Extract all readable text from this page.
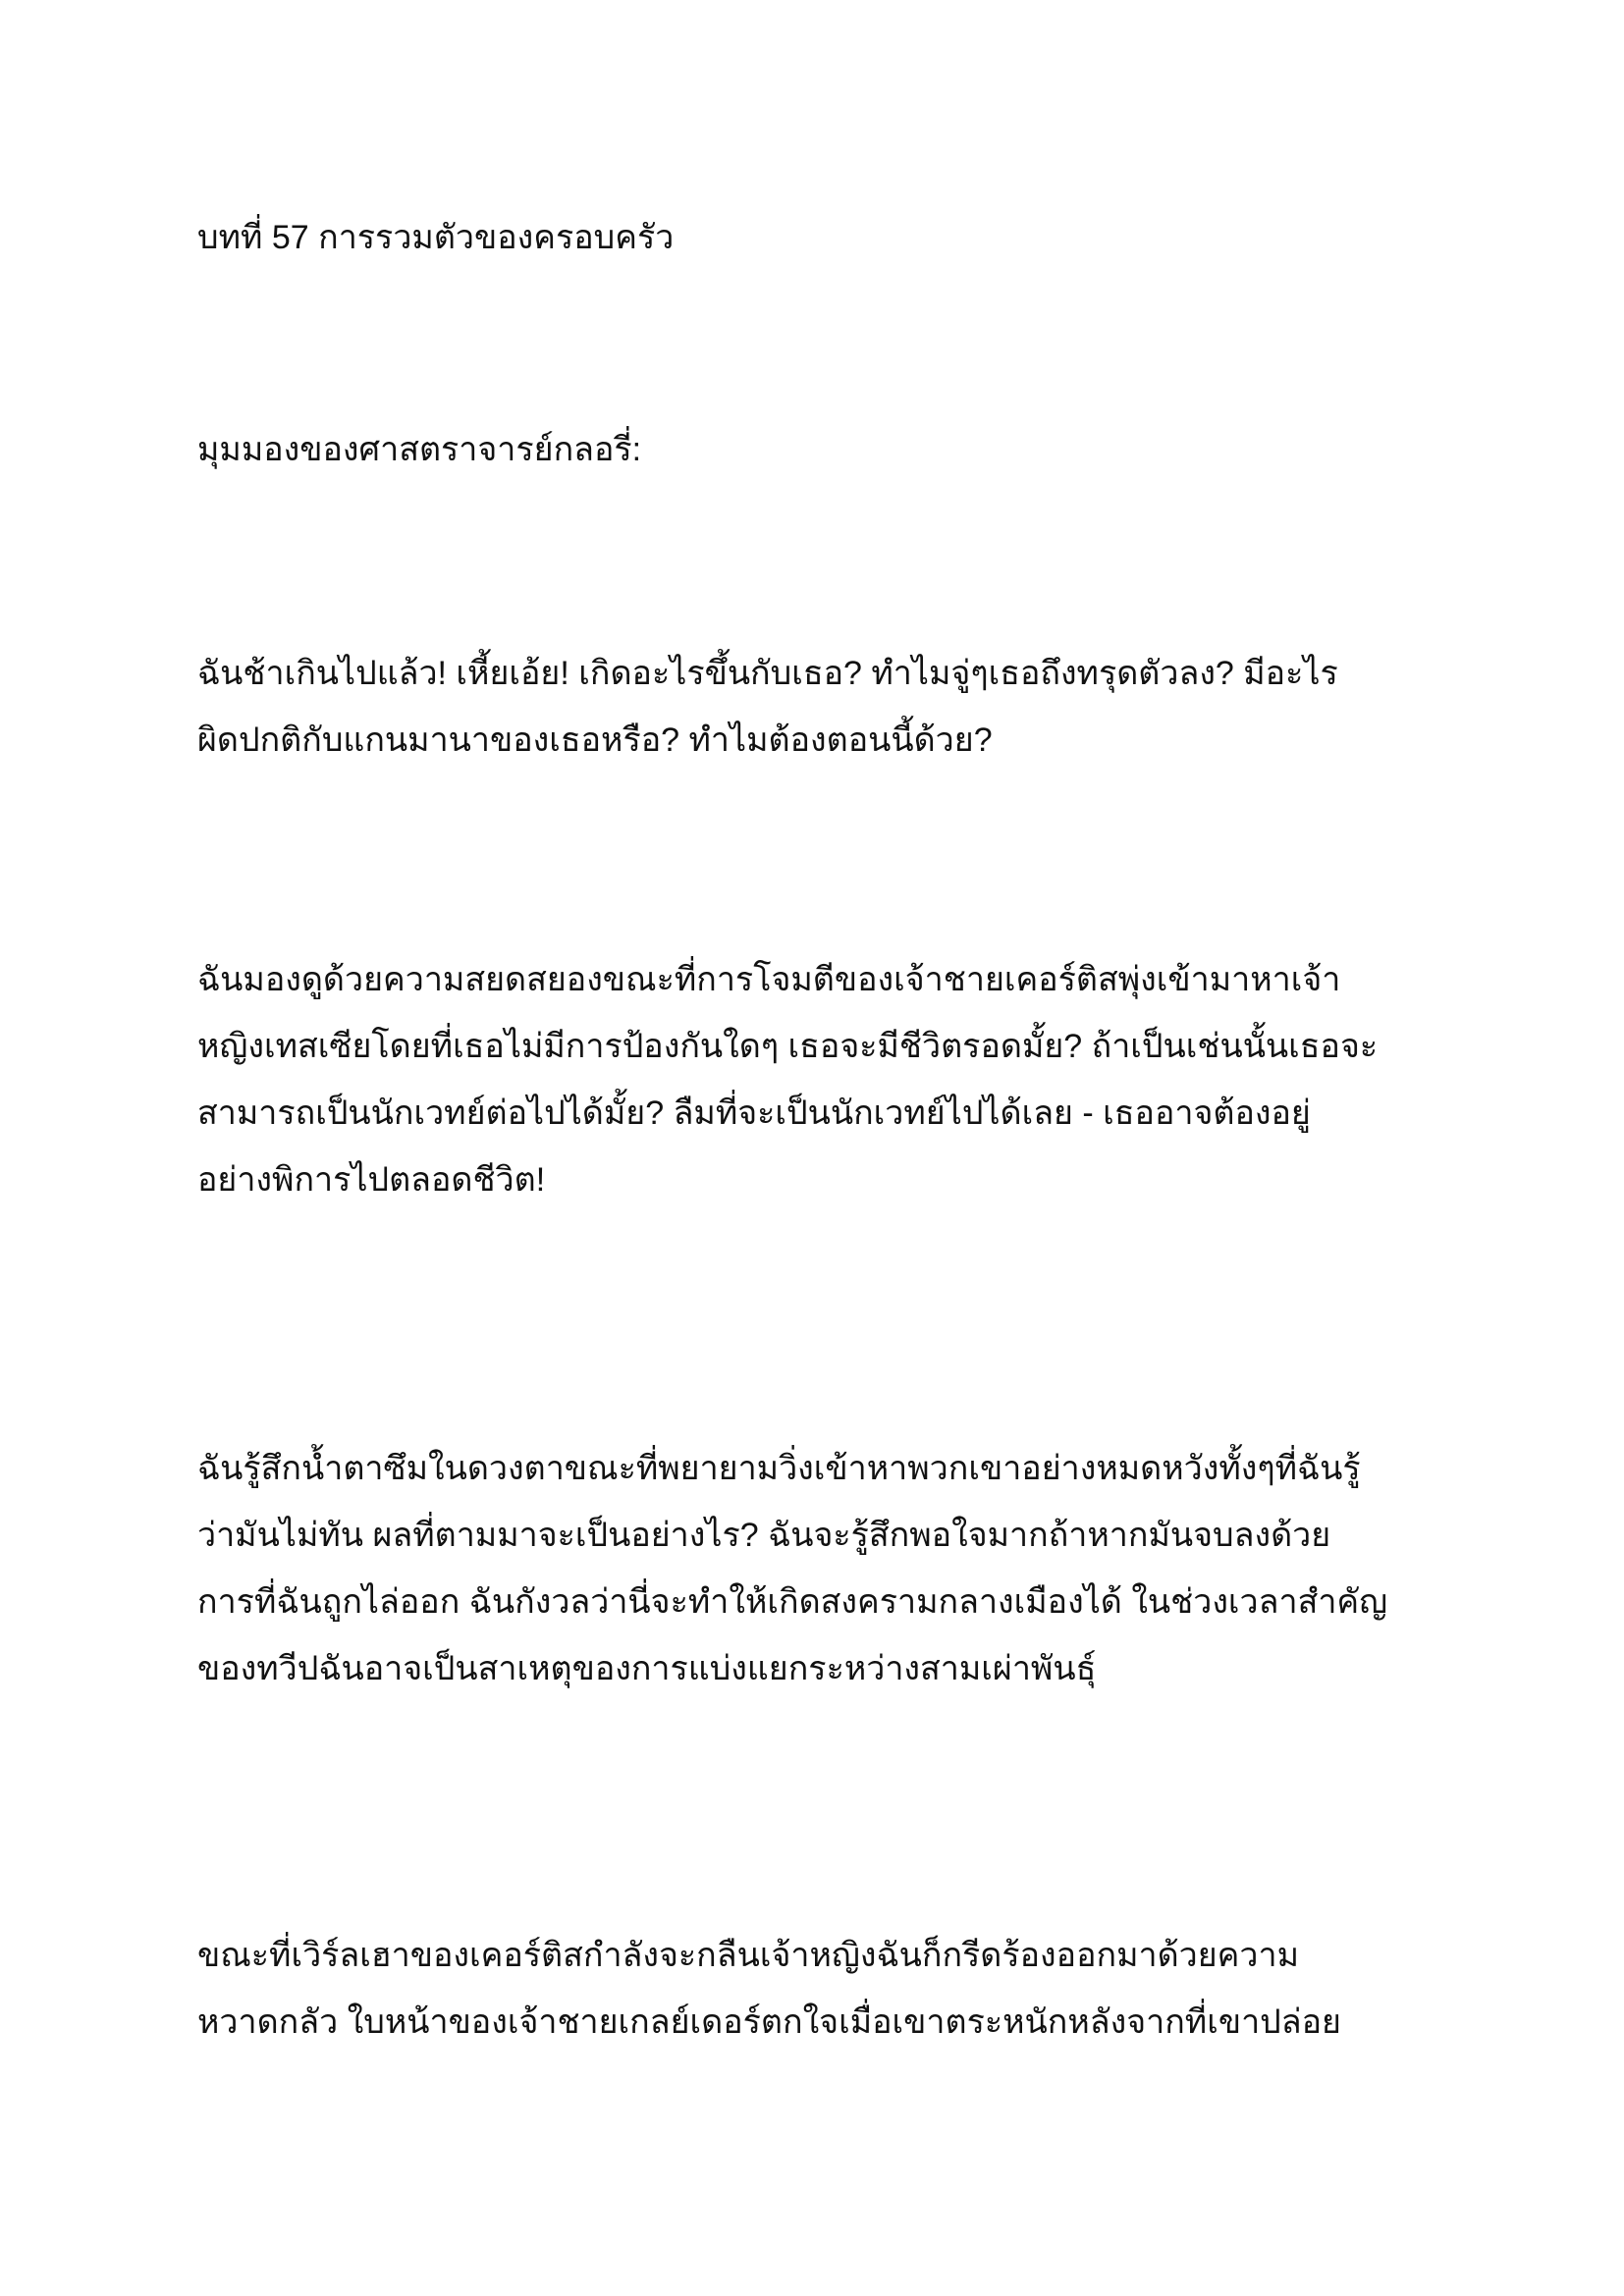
บทที่ 57 การรวมตัวของครอบครัว

มุมมองของศาสตราจารย์กลอรี่:

ฉันช้าเกินไปแล้ว! เหี้ยเอ้ย! เกิดอะไรขึ้นกับเธอ? ทำไมจู่ๆเธอถึงทรุดตัวลง? มีอะไร
ผิดปกติกับแกนมานาของเธอหรือ? ทำไมต้องตอนนี้ด้วย?

ฉันมองดูด้วยความสยดสยองขณะที่การโจมตีของเจ้าชายเคอร์ติสพุ่งเข้ามาหาเจ้า
หญิงเทสเซียโดยที่เธอไม่มีการป้องกันใดๆ เธอจะมีชีวิตรอดมั้ย? ถ้าเป็นเช่นนั้นเธอจะ
สามารถเป็นนักเวทย์ต่อไปได้มั้ย? ลืมที่จะเป็นนักเวทย์ไปได้เลย - เธออาจต้องอยู่
อย่างพิการไปตลอดชีวิต!

ฉันรู้สึกน้ำตาซึมในดวงตาขณะที่พยายามวิ่งเข้าหาพวกเขาอย่างหมดหวังทั้งๆที่ฉันรู้
ว่ามันไม่ทัน ผลที่ตามมาจะเป็นอย่างไร? ฉันจะรู้สึกพอใจมากถ้าหากมันจบลงด้วย
การที่ฉันถูกไล่ออก ฉันกังวลว่านี่จะทำให้เกิดสงครามกลางเมืองได้ ในช่วงเวลาสำคัญ
ของทวีปฉันอาจเป็นสาเหตุของการแบ่งแยกระหว่างสามเผ่าพันธุ์

ขณะที่เวิร์ลเฮาของเคอร์ติสกำลังจะกลืนเจ้าหญิงฉันก็กรีดร้องออกมาด้วยความ
หวาดกลัว ใบหน้าของเจ้าชายเกลย์เดอร์ตกใจเมื่อเขาตระหนักหลังจากที่เขาปล่อย
